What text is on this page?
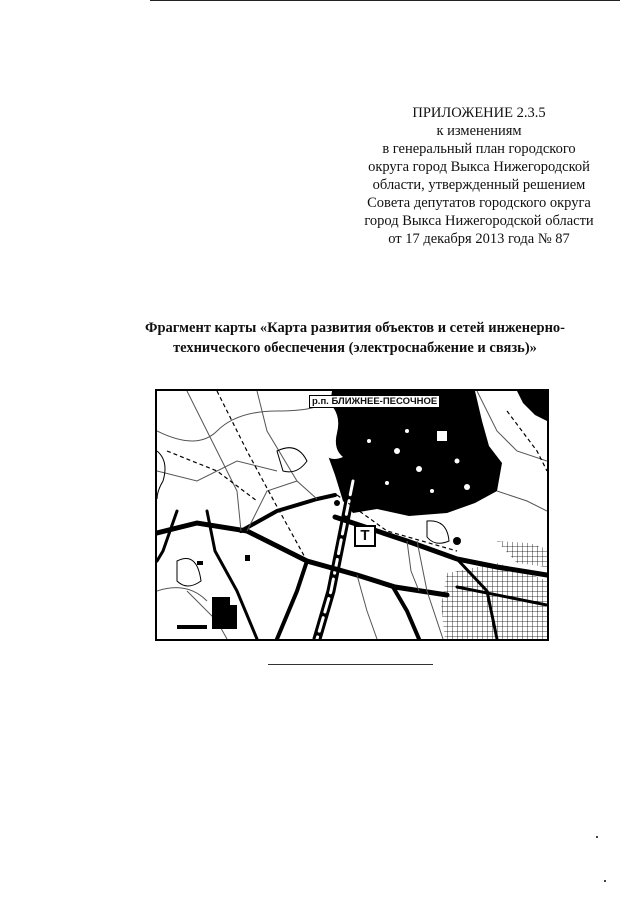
ПРИЛОЖЕНИЕ 2.3.5
к изменениям
в генеральный план городского
округа город Выкса Нижегородской
области, утвержденный решением
Совета депутатов городского округа
город Выкса Нижегородской области
от 17 декабря 2013 года № 87
Фрагмент карты «Карта развития объектов и сетей инженерно-
технического обеспечения (электроснабжение и связь)»
р.п. БЛИЖНЕЕ-ПЕСОЧНОЕ
Т
